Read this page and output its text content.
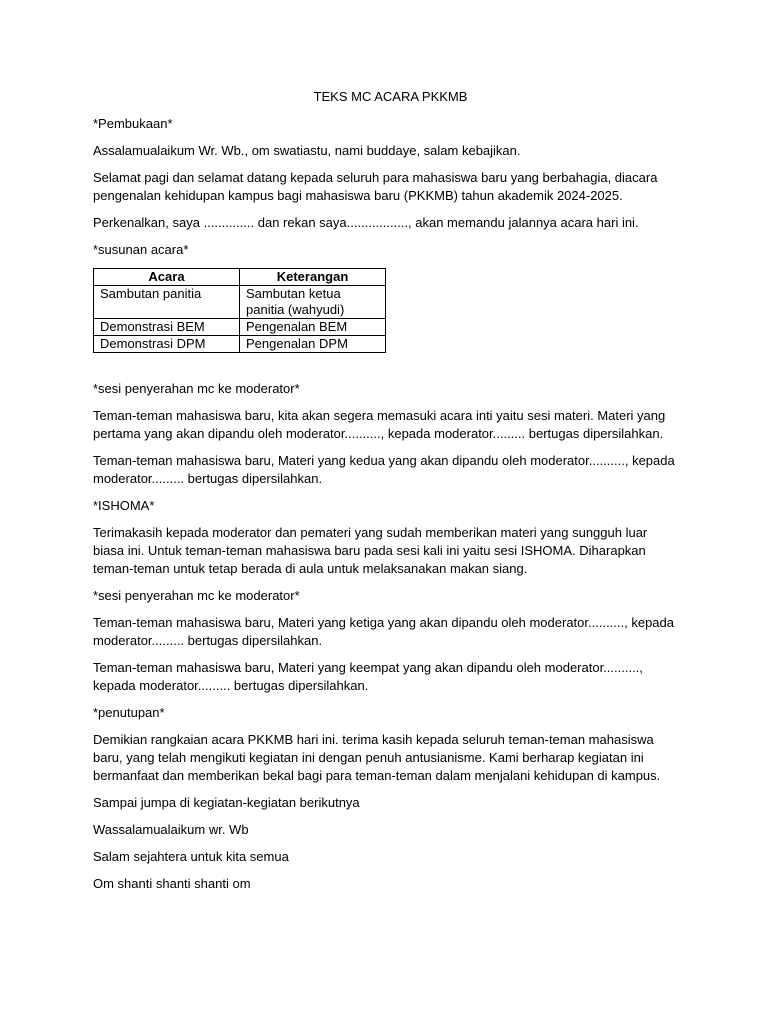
TEKS MC ACARA PKKMB

*Pembukaan*

Assalamualaikum Wr. Wb., om swatiastu, nami buddaye, salam kebajikan.

Selamat pagi dan selamat datang kepada seluruh para mahasiswa baru yang berbahagia, diacara pengenalan kehidupan kampus bagi mahasiswa baru (PKKMB) tahun akademik 2024-2025.

Perkenalkan, saya .............. dan rekan saya................., akan memandu jalannya acara hari ini.

*susunan acara*

Acara	Keterangan
Sambutan panitia	Sambutan ketua panitia (wahyudi)
Demonstrasi BEM	Pengenalan BEM
Demonstrasi DPM	Pengenalan DPM

*sesi penyerahan mc ke moderator*

Teman-teman mahasiswa baru, kita akan segera memasuki acara inti yaitu sesi materi. Materi yang pertama yang akan dipandu oleh moderator.........., kepada moderator......... bertugas dipersilahkan.

Teman-teman mahasiswa baru, Materi yang kedua yang akan dipandu oleh moderator.........., kepada moderator......... bertugas dipersilahkan.

*ISHOMA*

Terimakasih kepada moderator dan pemateri yang sudah memberikan materi yang sungguh luar biasa ini. Untuk teman-teman mahasiswa baru pada sesi kali ini yaitu sesi ISHOMA. Diharapkan teman-teman untuk tetap berada di aula untuk melaksanakan makan siang.

*sesi penyerahan mc ke moderator*

Teman-teman mahasiswa baru, Materi yang ketiga yang akan dipandu oleh moderator.........., kepada moderator......... bertugas dipersilahkan.

Teman-teman mahasiswa baru, Materi yang keempat yang akan dipandu oleh moderator.........., kepada moderator......... bertugas dipersilahkan.

*penutupan*

Demikian rangkaian acara PKKMB hari ini. terima kasih kepada seluruh teman-teman mahasiswa baru, yang telah mengikuti kegiatan ini dengan penuh antusianisme. Kami berharap kegiatan ini bermanfaat dan memberikan bekal bagi para teman-teman dalam menjalani kehidupan di kampus.

Sampai jumpa di kegiatan-kegiatan berikutnya

Wassalamualaikum wr. Wb

Salam sejahtera untuk kita semua

Om shanti shanti shanti om
